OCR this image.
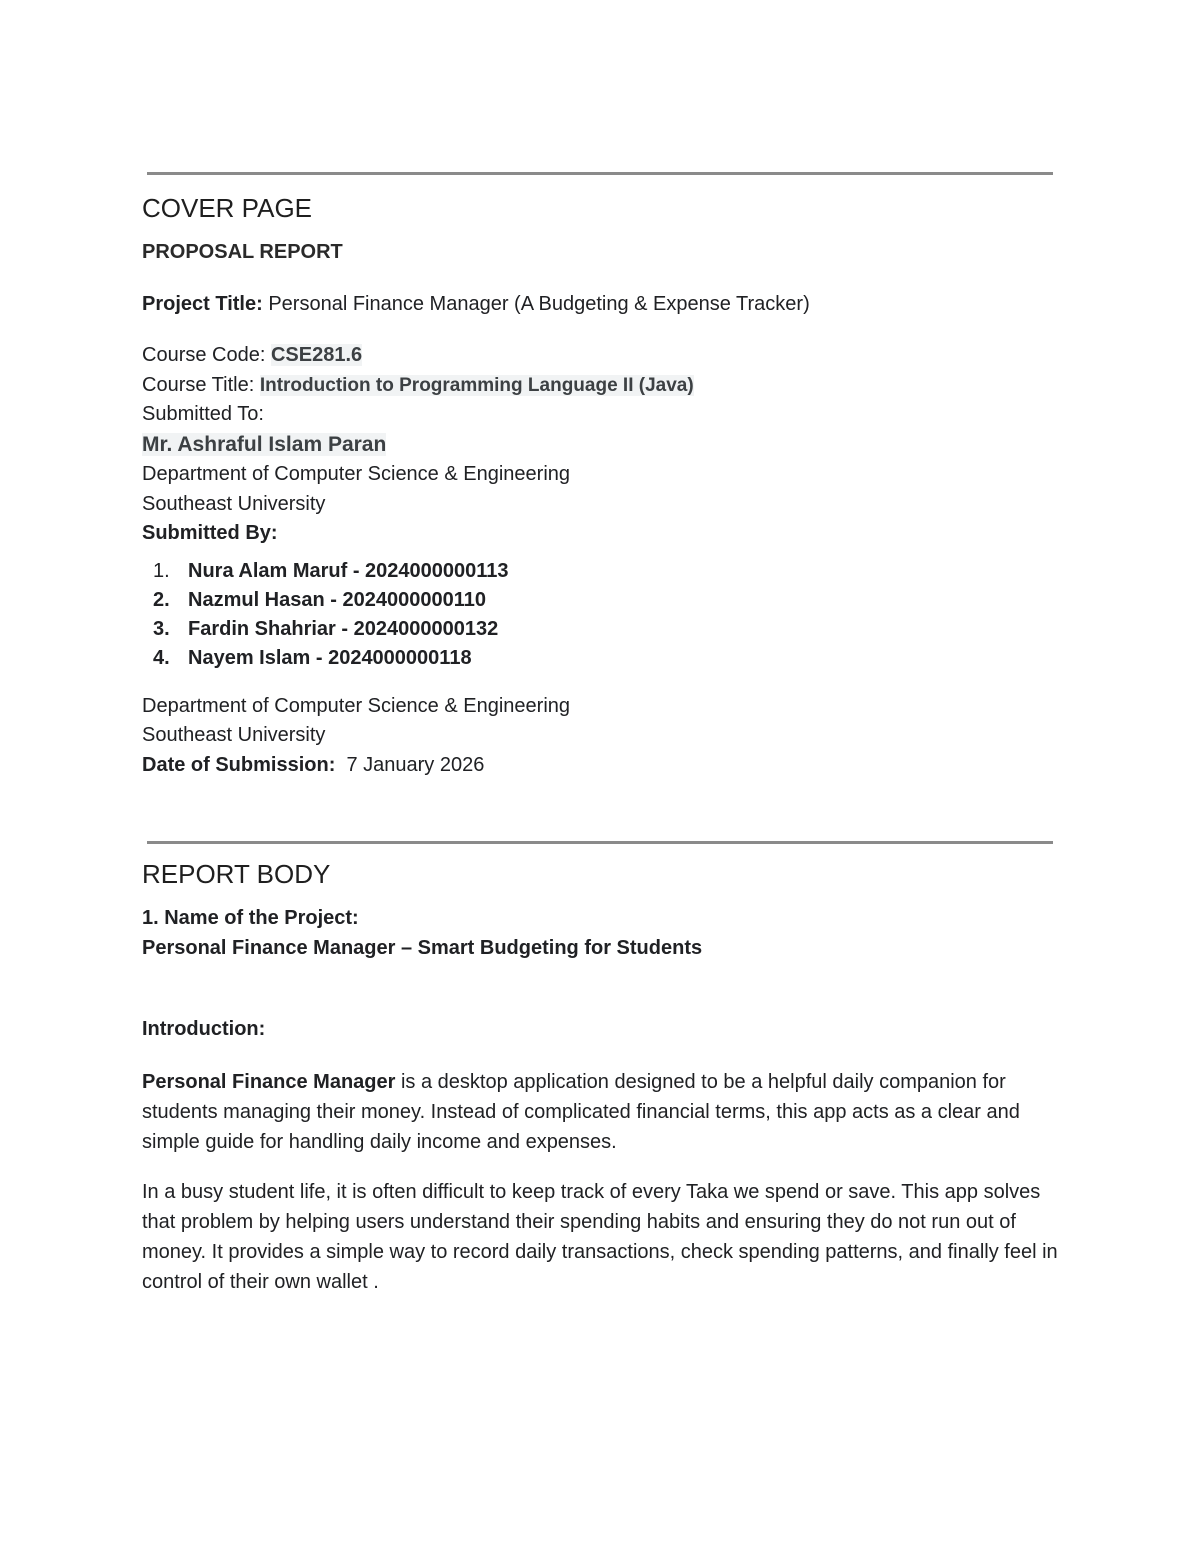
COVER PAGE
PROPOSAL REPORT

Project Title: Personal Finance Manager (A Budgeting & Expense Tracker)

Course Code: CSE281.6

Course Title: Introduction to Programming Language II (Java)

Submitted To:

Mr. Ashraful Islam Paran

Department of Computer Science & Engineering

Southeast University

Submitted By:

1. Nura Alam Maruf - 2024000000113
2. Nazmul Hasan - 2024000000110
3. Fardin Shahriar - 2024000000132
4. Nayem Islam - 2024000000118

Department of Computer Science & Engineering

Southeast University

Date of Submission:  7 January 2026

REPORT BODY

1. Name of the Project:

Personal Finance Manager – Smart Budgeting for Students

Introduction:

Personal Finance Manager is a desktop application designed to be a helpful daily companion for students managing their money. Instead of complicated financial terms, this app acts as a clear and simple guide for handling daily income and expenses.

In a busy student life, it is often difficult to keep track of every Taka we spend or save. This app solves that problem by helping users understand their spending habits and ensuring they do not run out of money. It provides a simple way to record daily transactions, check spending patterns, and finally feel in control of their own wallet .
